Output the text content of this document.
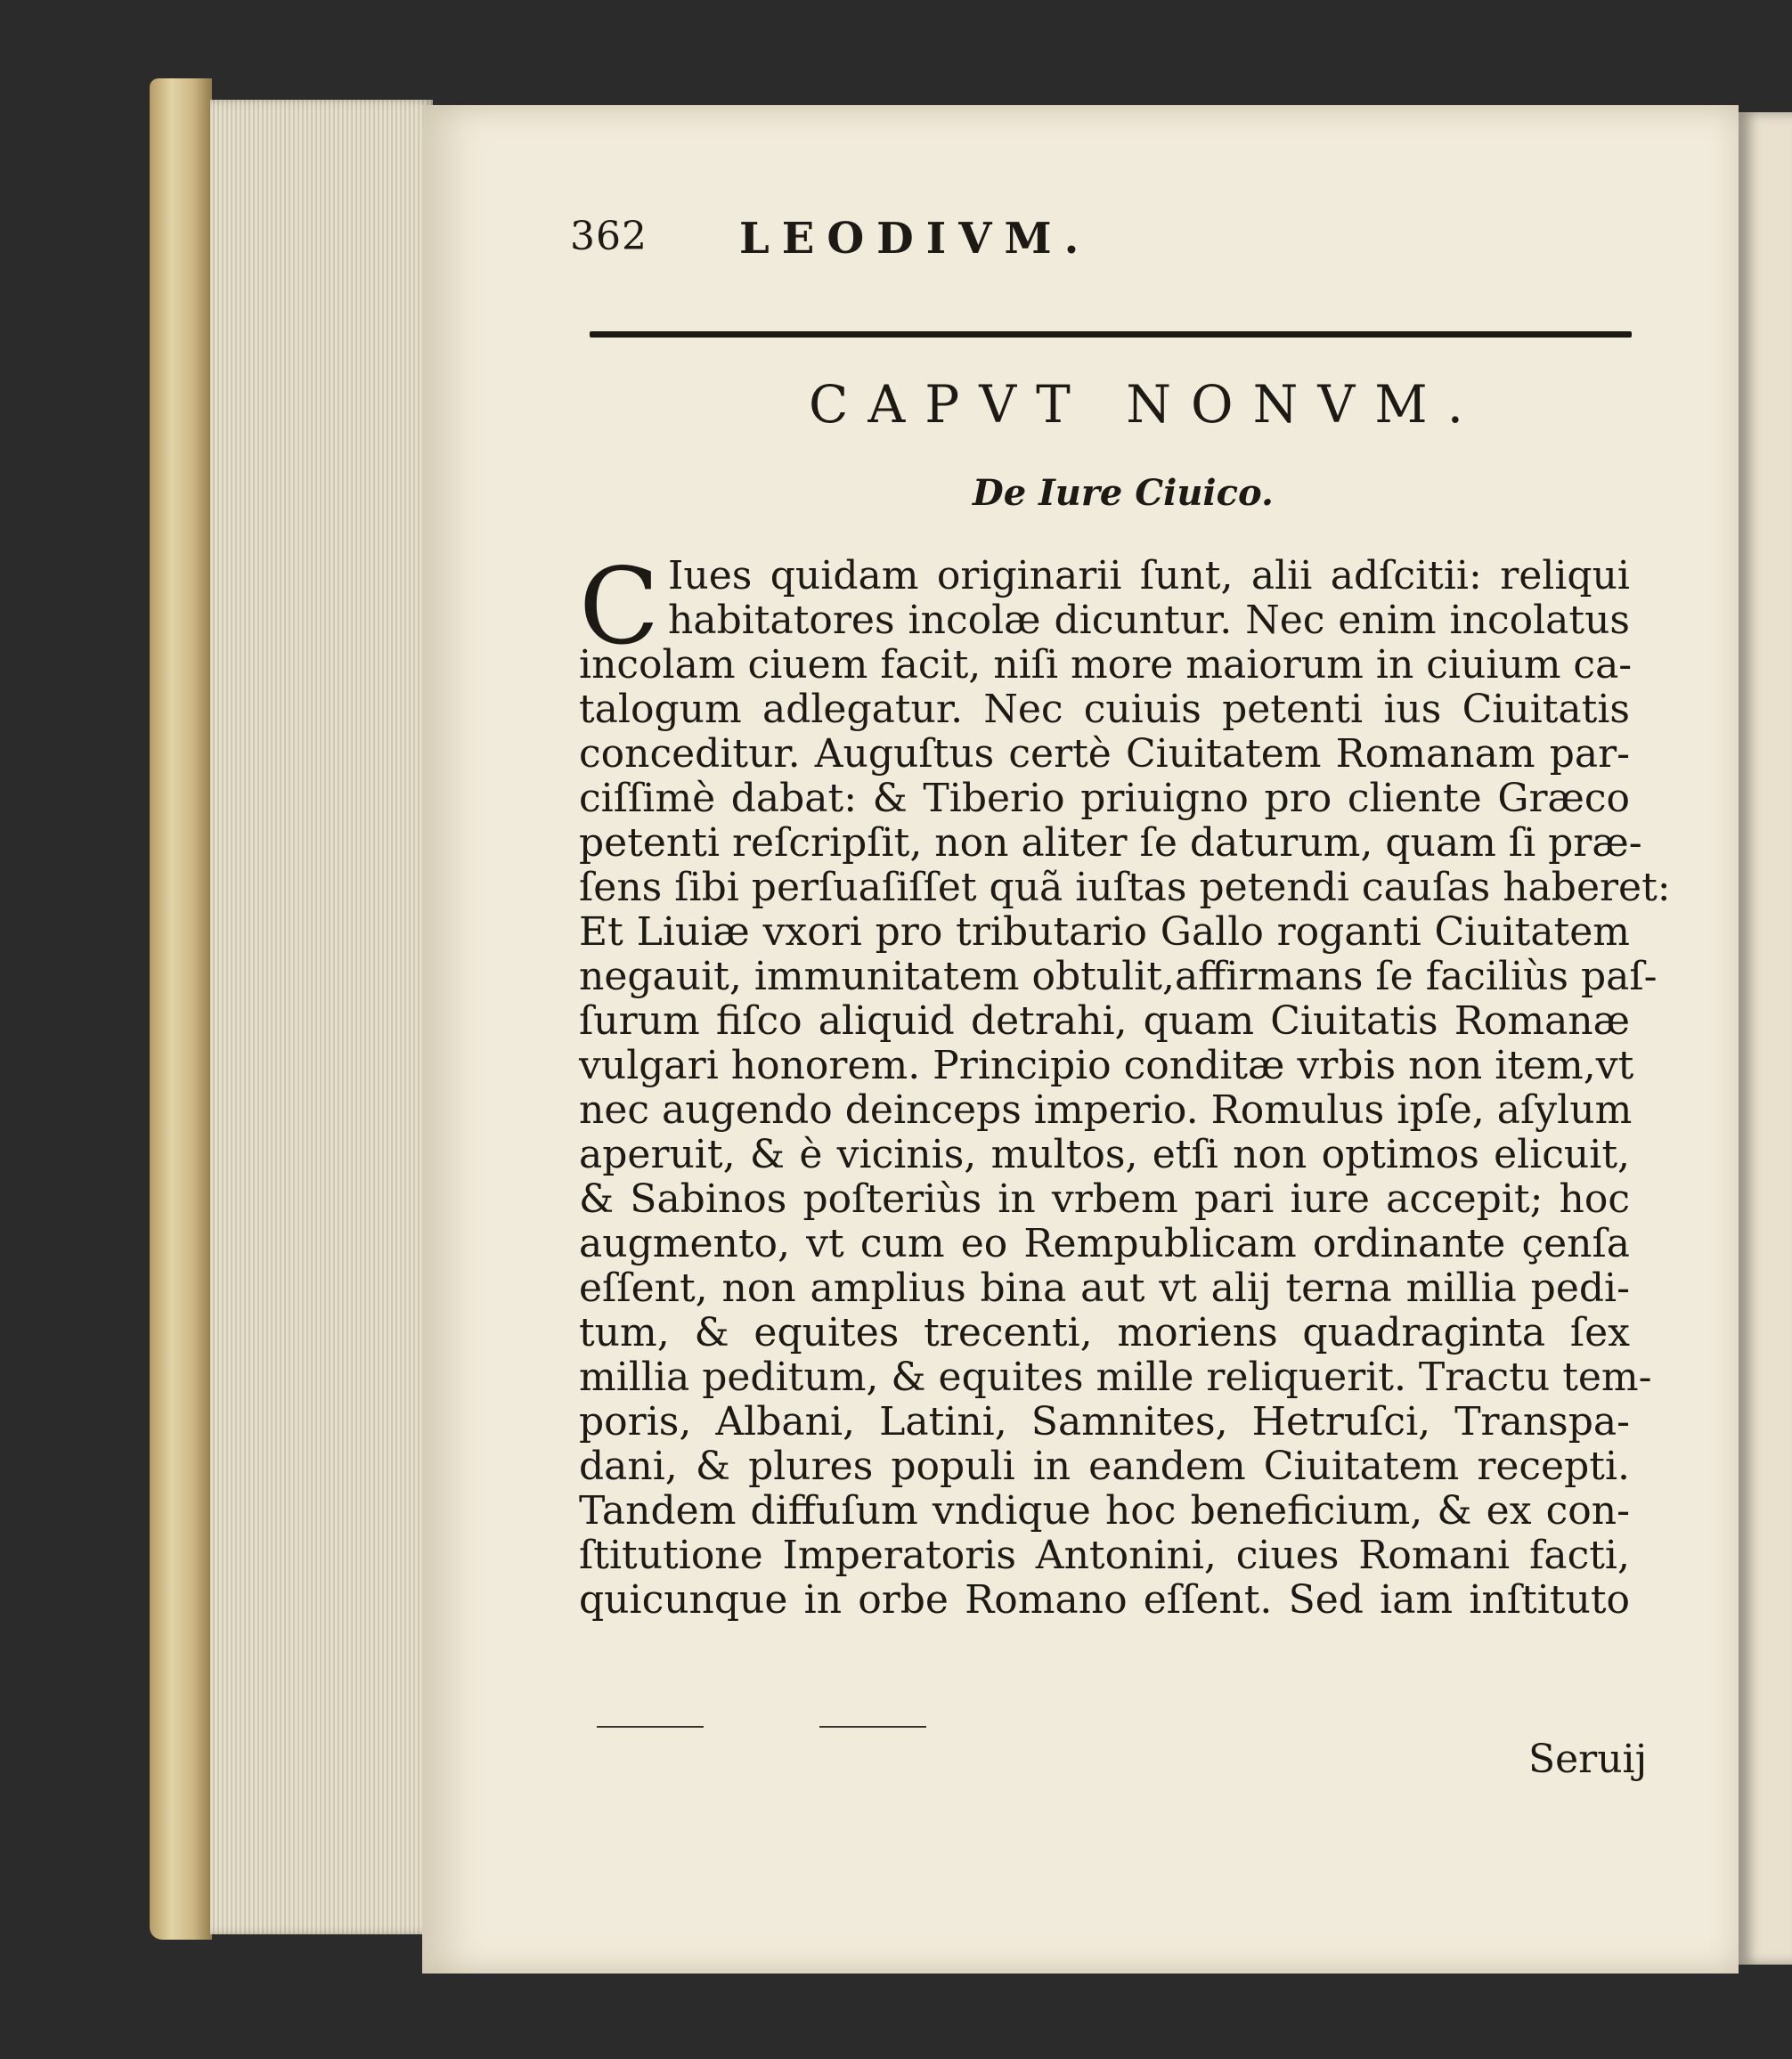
362 LEODIVM.
CAPVT NONVM.
De Iure Ciuico.
C Iues quidam originarii ſunt, alii adſcitii: reliqui
habitatores incolæ dicuntur. Nec enim incolatus
incolam ciuem facit, niſi more maiorum in ciuium ca-
talogum adlegatur. Nec cuiuis petenti ius Ciuitatis
conceditur. Auguſtus certè Ciuitatem Romanam par-
ciſſimè dabat: & Tiberio priuigno pro cliente Græco
petenti reſcripſit, non aliter ſe daturum, quam ſi præ-
ſens ſibi perſuaſiſſet quã iuſtas petendi cauſas haberet:
Et Liuiæ vxori pro tributario Gallo roganti Ciuitatem
negauit, immunitatem obtulit,affirmans ſe faciliùs paſ-
ſurum fiſco aliquid detrahi, quam Ciuitatis Romanæ
vulgari honorem. Principio conditæ vrbis non item,vt
nec augendo deinceps imperio. Romulus ipſe, aſylum
aperuit, & è vicinis, multos, etſi non optimos elicuit,
& Sabinos poſteriùs in vrbem pari iure accepit; hoc
augmento, vt cum eo Rempublicam ordinante çenſa
eſſent, non amplius bina aut vt alij terna millia pedi-
tum, & equites trecenti, moriens quadraginta ſex
millia peditum, & equites mille reliquerit. Tractu tem-
poris, Albani, Latini, Samnites, Hetruſci, Transpa-
dani, & plures populi in eandem Ciuitatem recepti.
Tandem diffuſum vndique hoc beneficium, & ex con-
ſtitutione Imperatoris Antonini, ciues Romani facti,
quicunque in orbe Romano eſſent. Sed iam inſtituto
Seruij
